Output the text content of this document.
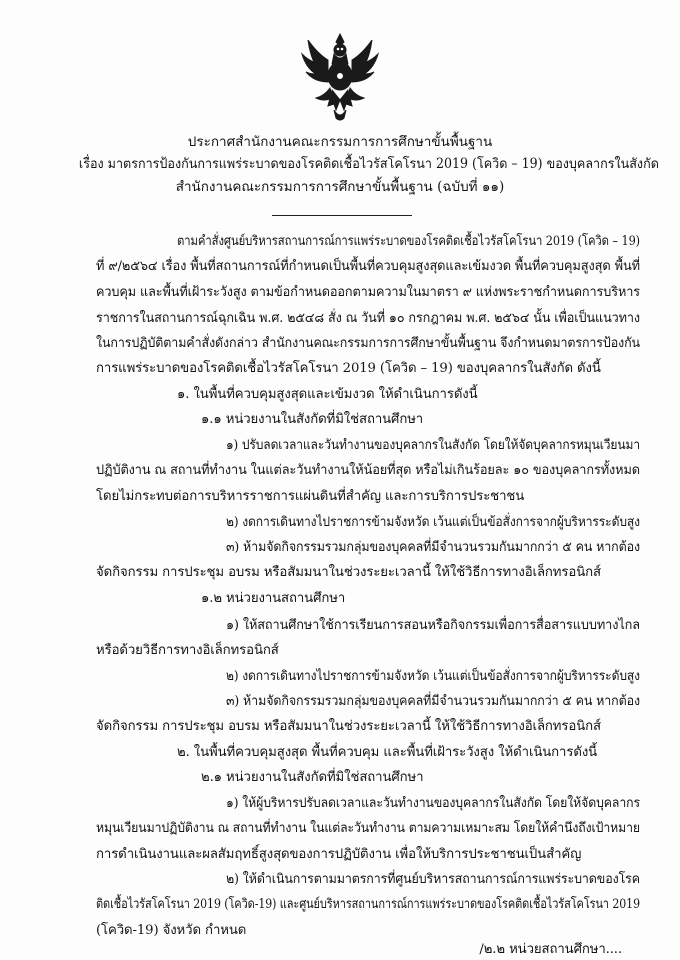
ประกาศสำนักงานคณะกรรมการการศึกษาขั้นพื้นฐาน
เรื่อง มาตรการป้องกันการแพร่ระบาดของโรคติดเชื้อไวรัสโคโรนา 2019 (โควิด – 19) ของบุคลากรในสังกัด
สำนักงานคณะกรรมการการศึกษาขั้นพื้นฐาน (ฉบับที่ ๑๑)
ตามคำสั่งศูนย์บริหารสถานการณ์การแพร่ระบาดของโรคติดเชื้อไวรัสโคโรนา 2019 (โควิด – 19)
ที่ ๙/๒๕๖๔ เรื่อง พื้นที่สถานการณ์ที่กำหนดเป็นพื้นที่ควบคุมสูงสุดและเข้มงวด พื้นที่ควบคุมสูงสุด พื้นที่
ควบคุม และพื้นที่เฝ้าระวังสูง ตามข้อกำหนดออกตามความในมาตรา ๙ แห่งพระราชกำหนดการบริหาร
ราชการในสถานการณ์ฉุกเฉิน พ.ศ. ๒๕๔๘ สั่ง ณ วันที่ ๑๐ กรกฎาคม พ.ศ. ๒๕๖๔ นั้น เพื่อเป็นแนวทาง
ในการปฏิบัติตามคำสั่งดังกล่าว สำนักงานคณะกรรมการการศึกษาขั้นพื้นฐาน จึงกำหนดมาตรการป้องกัน
การแพร่ระบาดของโรคติดเชื้อไวรัสโคโรนา 2019 (โควิด – 19) ของบุคลากรในสังกัด ดังนี้
๑. ในพื้นที่ควบคุมสูงสุดและเข้มงวด ให้ดำเนินการดังนี้
๑.๑ หน่วยงานในสังกัดที่มิใช่สถานศึกษา
๑) ปรับลดเวลาและวันทำงานของบุคลากรในสังกัด โดยให้จัดบุคลากรหมุนเวียนมา
ปฏิบัติงาน ณ สถานที่ทำงาน ในแต่ละวันทำงานให้น้อยที่สุด หรือไม่เกินร้อยละ ๑๐ ของบุคลากรทั้งหมด
โดยไม่กระทบต่อการบริหารราชการแผ่นดินที่สำคัญ และการบริการประชาชน
๒) งดการเดินทางไปราชการข้ามจังหวัด เว้นแต่เป็นข้อสั่งการจากผู้บริหารระดับสูง
๓) ห้ามจัดกิจกรรมรวมกลุ่มของบุคคลที่มีจำนวนรวมกันมากกว่า ๕ คน หากต้อง
จัดกิจกรรม การประชุม อบรม หรือสัมมนาในช่วงระยะเวลานี้ ให้ใช้วิธีการทางอิเล็กทรอนิกส์
๑.๒ หน่วยงานสถานศึกษา
๑) ให้สถานศึกษาใช้การเรียนการสอนหรือกิจกรรมเพื่อการสื่อสารแบบทางไกล
หรือด้วยวิธีการทางอิเล็กทรอนิกส์
๒) งดการเดินทางไปราชการข้ามจังหวัด เว้นแต่เป็นข้อสั่งการจากผู้บริหารระดับสูง
๓) ห้ามจัดกิจกรรมรวมกลุ่มของบุคคลที่มีจำนวนรวมกันมากกว่า ๕ คน หากต้อง
จัดกิจกรรม การประชุม อบรม หรือสัมมนาในช่วงระยะเวลานี้ ให้ใช้วิธีการทางอิเล็กทรอนิกส์
๒. ในพื้นที่ควบคุมสูงสุด พื้นที่ควบคุม และพื้นที่เฝ้าระวังสูง ให้ดำเนินการดังนี้
๒.๑ หน่วยงานในสังกัดที่มิใช่สถานศึกษา
๑) ให้ผู้บริหารปรับลดเวลาและวันทำงานของบุคลากรในสังกัด โดยให้จัดบุคลากร
หมุนเวียนมาปฏิบัติงาน ณ สถานที่ทำงาน ในแต่ละวันทำงาน ตามความเหมาะสม โดยให้คำนึงถึงเป้าหมาย
การดำเนินงานและผลสัมฤทธิ์สูงสุดของการปฏิบัติงาน เพื่อให้บริการประชาชนเป็นสำคัญ
๒) ให้ดำเนินการตามมาตรการที่ศูนย์บริหารสถานการณ์การแพร่ระบาดของโรค
ติดเชื้อไวรัสโคโรนา 2019 (โควิด-19) และศูนย์บริหารสถานการณ์การแพร่ระบาดของโรคติดเชื้อไวรัสโคโรนา 2019
(โควิด-19) จังหวัด กำหนด
/๒.๒ หน่วยสถานศึกษา....
